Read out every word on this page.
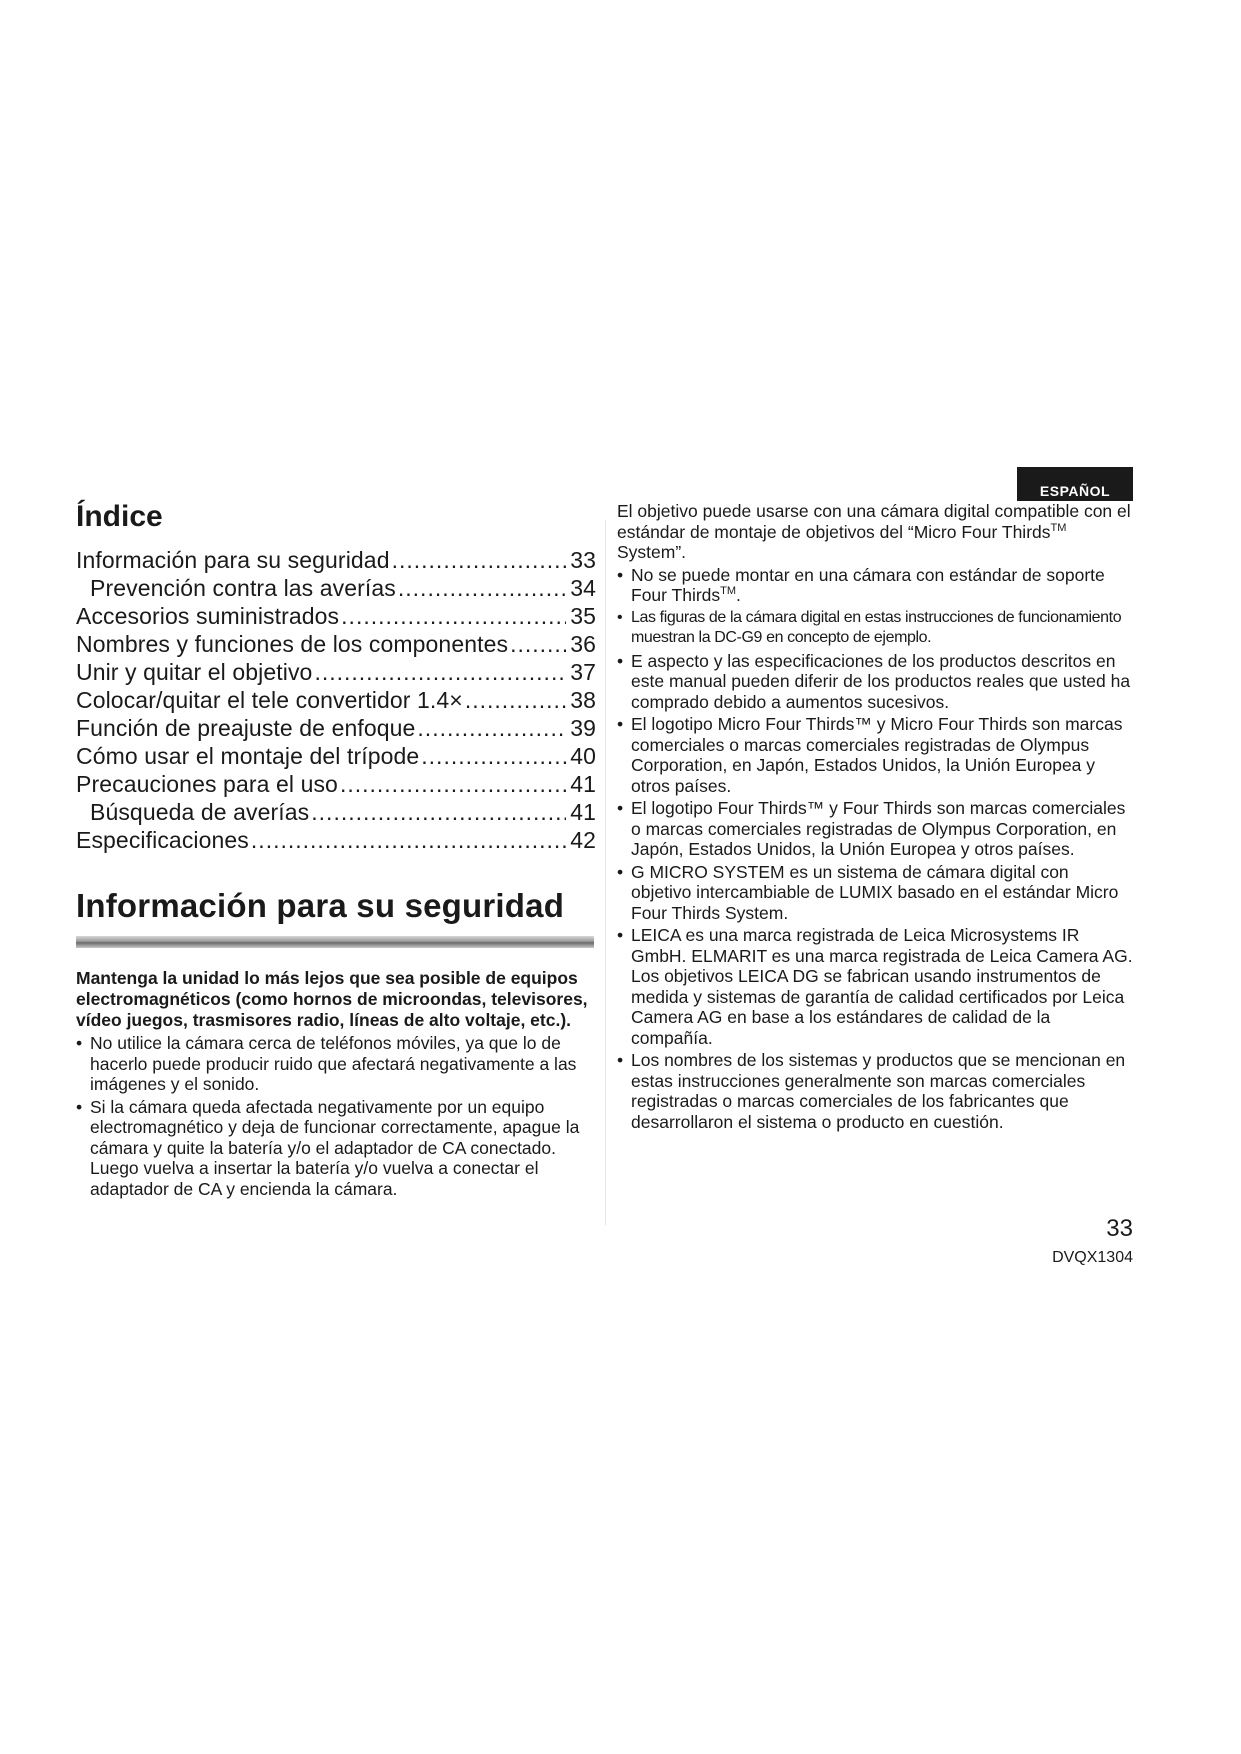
ESPAÑOL
Índice
Información para su seguridad .....	33
Prevención contra las averías .....	34
Accesorios suministrados .....	35
Nombres y funciones de los componentes .....	36
Unir y quitar el objetivo .....	37
Colocar/quitar el tele convertidor 1.4× .....	38
Función de preajuste de enfoque .....	39
Cómo usar el montaje del trípode .....	40
Precauciones para el uso .....	41
Búsqueda de averías .....	41
Especificaciones .....	42
Información para su seguridad

Mantenga la unidad lo más lejos que sea posible de equipos electromagnéticos (como hornos de microondas, televisores, vídeo juegos, trasmisores radio, líneas de alto voltaje, etc.).

• No utilice la cámara cerca de teléfonos móviles, ya que lo de hacerlo puede producir ruido que afectará negativamente a las imágenes y el sonido.
• Si la cámara queda afectada negativamente por un equipo electromagnético y deja de funcionar correctamente, apague la cámara y quite la batería y/o el adaptador de CA conectado. Luego vuelva a insertar la batería y/o vuelva a conectar el adaptador de CA y encienda la cámara.

El objetivo puede usarse con una cámara digital compatible con el estándar de montaje de objetivos del “Micro Four Thirds™ System”.

• No se puede montar en una cámara con estándar de soporte Four Thirds™.
• Las figuras de la cámara digital en estas instrucciones de funcionamiento muestran la DC-G9 en concepto de ejemplo.
• E aspecto y las especificaciones de los productos descritos en este manual pueden diferir de los productos reales que usted ha comprado debido a aumentos sucesivos.
• El logotipo Micro Four Thirds™ y Micro Four Thirds son marcas comerciales o marcas comerciales registradas de Olympus Corporation, en Japón, Estados Unidos, la Unión Europea y otros países.
• El logotipo Four Thirds™ y Four Thirds son marcas comerciales o marcas comerciales registradas de Olympus Corporation, en Japón, Estados Unidos, la Unión Europea y otros países.
• G MICRO SYSTEM es un sistema de cámara digital con objetivo intercambiable de LUMIX basado en el estándar Micro Four Thirds System.
• LEICA es una marca registrada de Leica Microsystems IR GmbH. ELMARIT es una marca registrada de Leica Camera AG. Los objetivos LEICA DG se fabrican usando instrumentos de medida y sistemas de garantía de calidad certificados por Leica Camera AG en base a los estándares de calidad de la compañía.
• Los nombres de los sistemas y productos que se mencionan en estas instrucciones generalmente son marcas comerciales registradas o marcas comerciales de los fabricantes que desarrollaron el sistema o producto en cuestión.
33
DVQX1304
